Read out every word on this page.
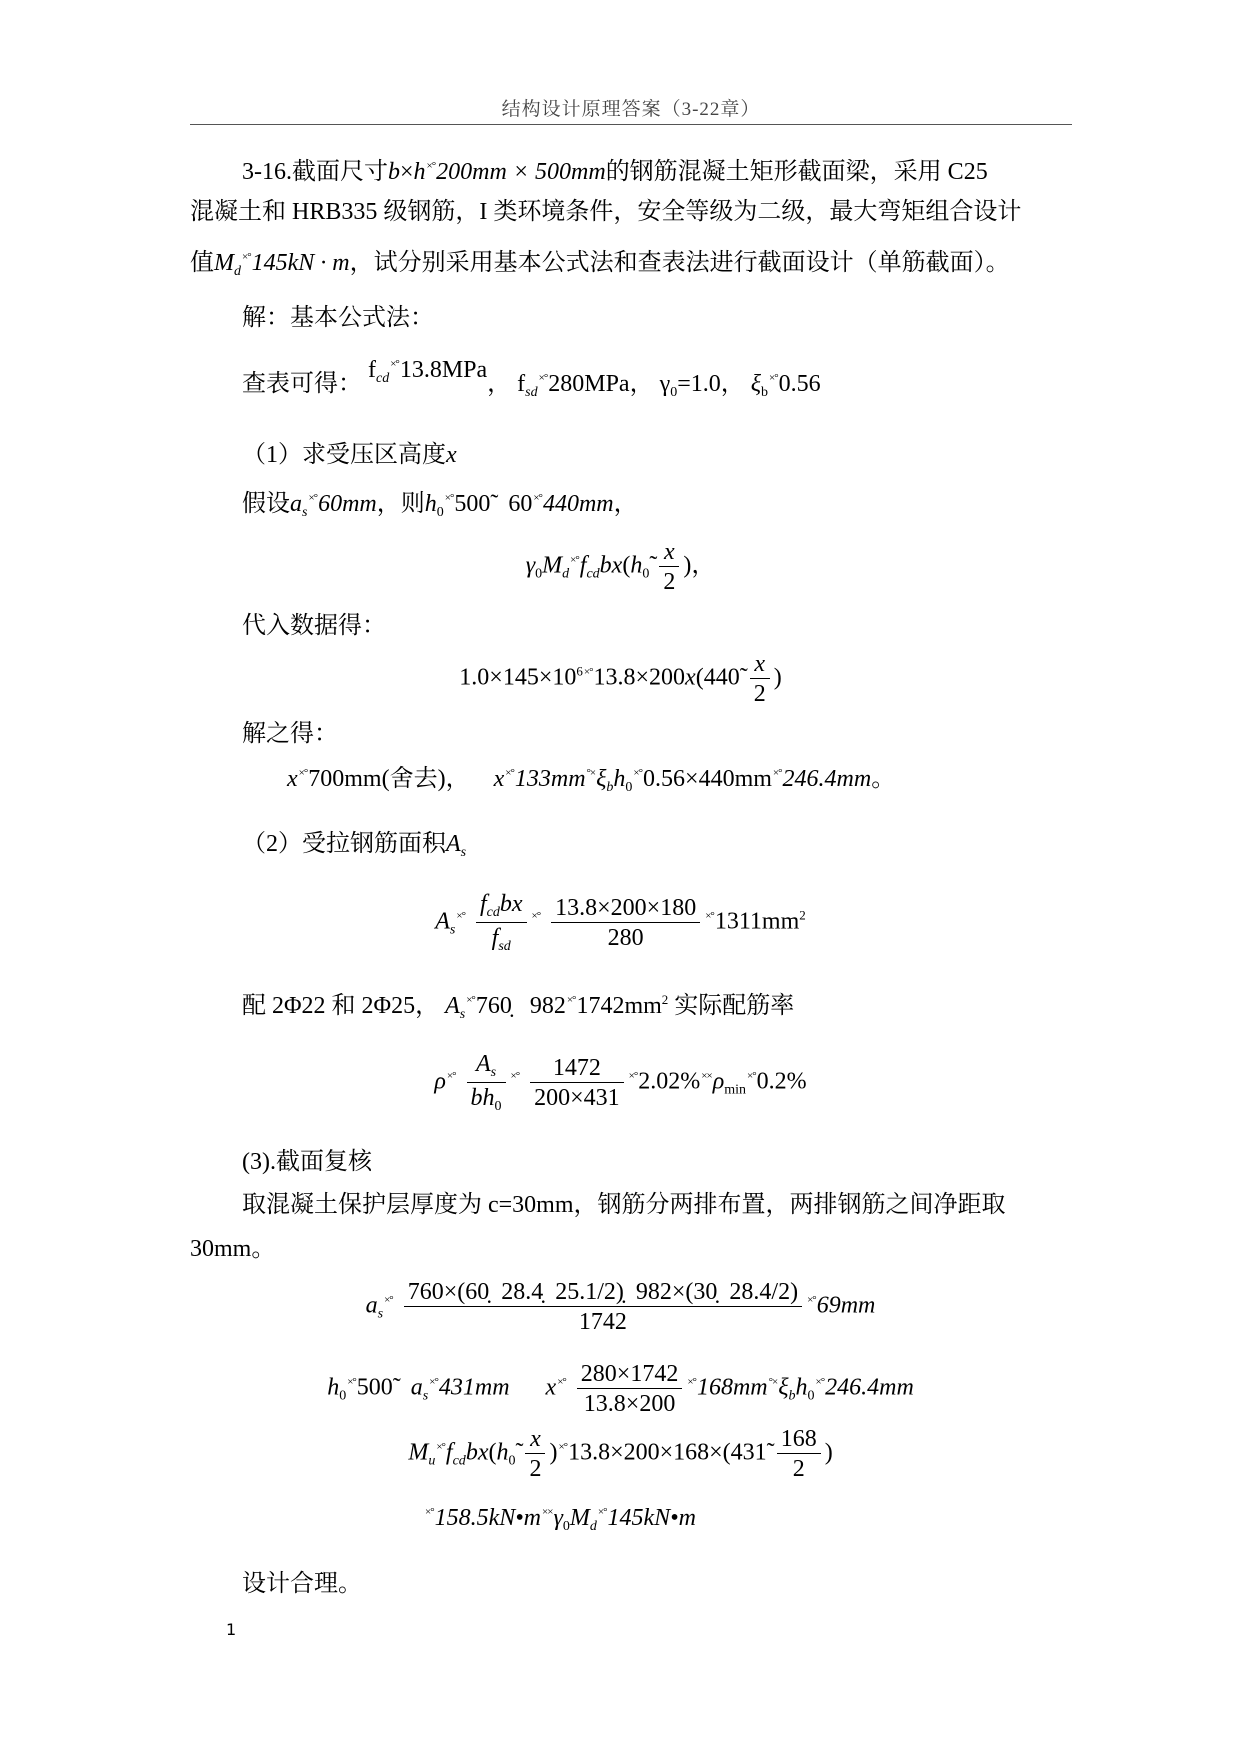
结构设计原理答案（3-22章）
3-16.截面尺寸b×h×°200mm × 500mm的钢筋混凝土矩形截面梁，采用 C25
混凝土和 HRB335 级钢筋，I 类环境条件，安全等级为二级，最大弯矩组合设计
值$M_d^{\times^\circ}145kN \cdot m$，试分别采用基本公式法和查表法进行截面设计（单筋截面）。
解：基本公式法：
查表可得： $f_{cd}^{\times^\circ}13.8MPa$， $f_{sd}^{\times^\circ}280MPa$， $\gamma_0=1.0$， $\xi_b^{\times^\circ}0.56$
（1）求受压区高度x
假设$a_s^{\times^\circ}60mm$，则$h_0^{\times^\circ}500̃$   60×°440mm，
$\gamma_0M_d^{\times^\circ}f_{cd}bx(h_0̃ \frac{x}{2}$ )，
代入数据得：
$1.0\times 145\times 10^{6\times^\circ}13.8\times 200x(440̃ \frac{x}{2}$ )
解之得：
x×°700mm(舍去)， $x^{\times^\circ}133mm^{^\circ\times}\xi_bh_0^{\times^\circ}0.56\times 440mm^{\times^\circ}246.4mm$。
（2）受拉钢筋面积$A_s$
$A_s^{\times^\circ} \frac{f_{cd}bx}{f_{sd}} ^{\times^\circ} \frac{13.8\times 200\times 180}{280} ^{\times^\circ}1311mm^2$
配 2Φ22 和 2Φ25， $A_s^{\times^\circ}760̣$   $982^{\times^\circ}1742mm^2$ 实际配筋率
$\rho^{\times^\circ} \frac{A_s}{bh_0} ^{\times^\circ} \frac{1472}{200\times 431} ^{\times^\circ}2.02\%^{\times\times}\rho_{min}^{\times^\circ}0.2\%$
(3).截面复核
取混凝土保护层厚度为 c=30mm，钢筋分两排布置，两排钢筋之间净距取
30mm。
$a_s^{\times^\circ} \frac{760\times(60̣ 28.4̣ 25.1/2)̣ 982\times(30̣ 28.4/2)}{1742} ^{\times^\circ}69mm$
$h_0^{\times^\circ}500̃$   $a_s^{\times^\circ}431mm$ $x^{\times^\circ} \frac{280\times 1742}{13.8\times 200} ^{\times^\circ}168mm^{^\circ\times}\xi_bh_0^{\times^\circ}246.4mm$
$M_u^{\times^\circ}f_{cd}bx(h_0̃ \frac{x}{2}$ )×°13.8×200×168×(431̃ $\frac{168}{2}$ )
$^{\times^\circ}158.5kN•m^{\times\times}\gamma_0M_d^{\times^\circ}145kN•m$
设计合理。
1
